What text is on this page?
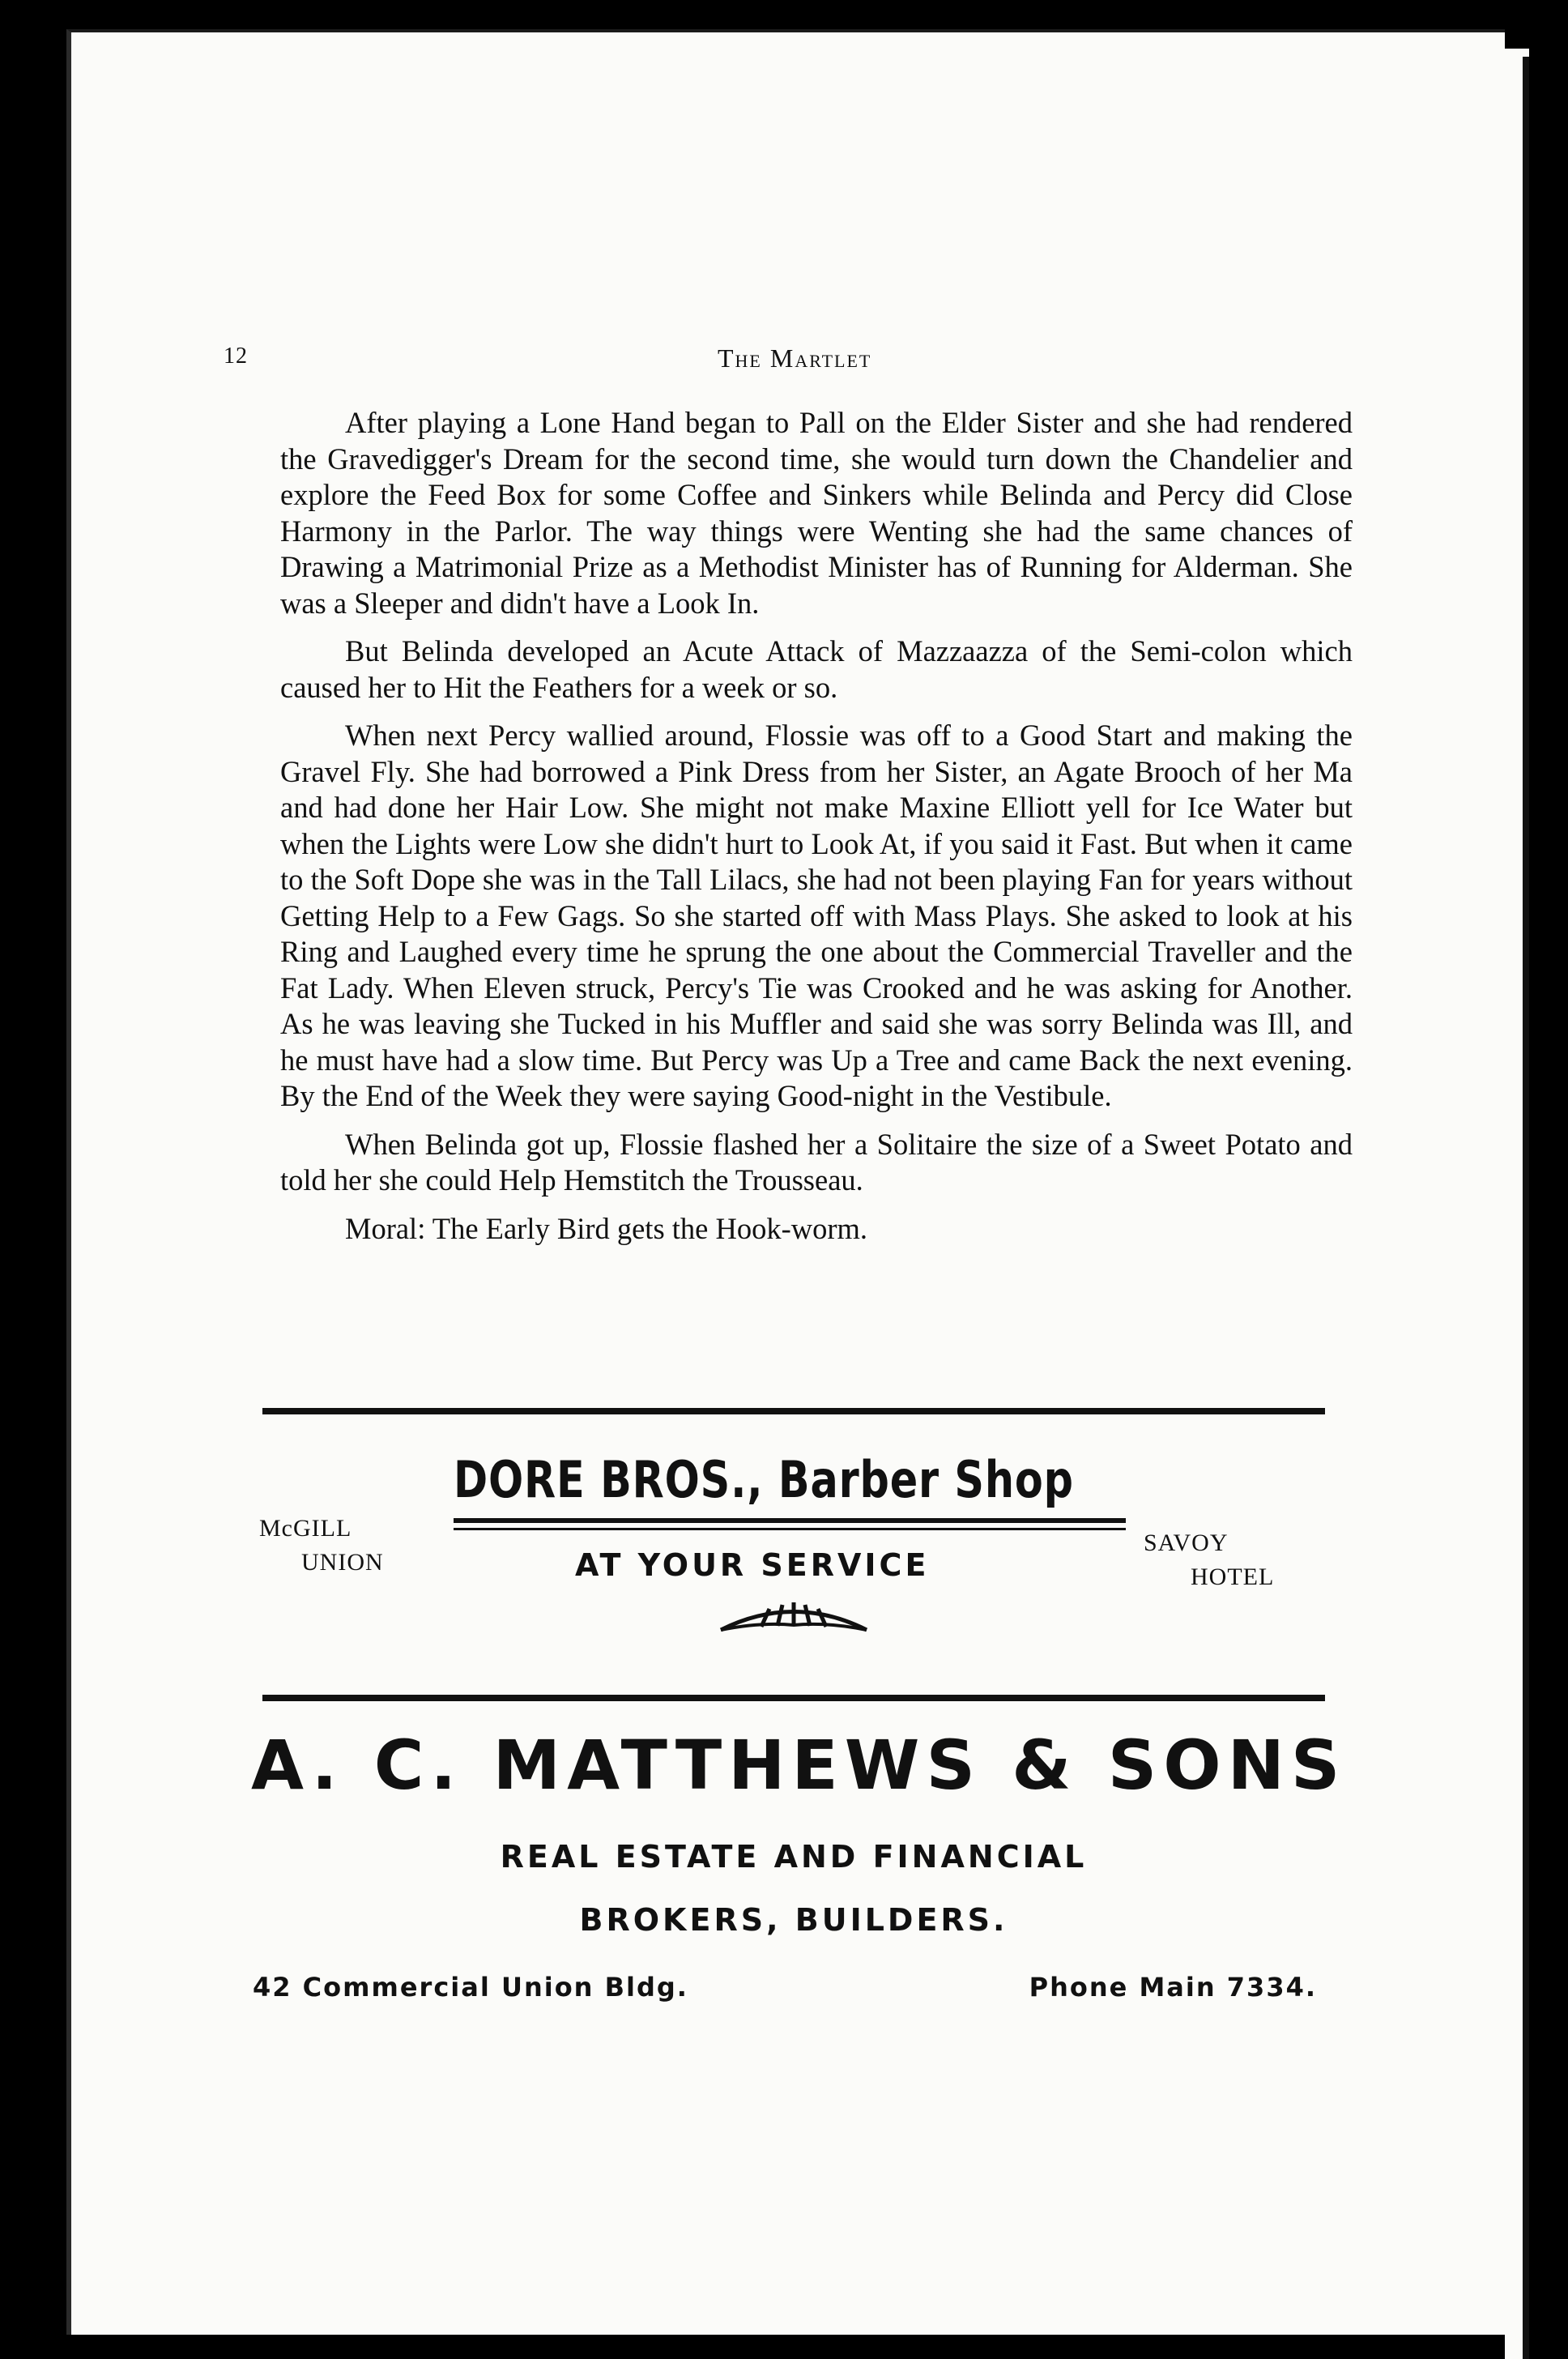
12	The Martlet

After playing a Lone Hand began to Pall on the Elder Sister and she had rendered the Gravedigger's Dream for the second time, she would turn down the Chandelier and explore the Feed Box for some Coffee and Sinkers while Belinda and Percy did Close Harmony in the Parlor. The way things were Wenting she had the same chances of Drawing a Matrimonial Prize as a Methodist Minister has of Running for Alderman. She was a Sleeper and didn't have a Look In.

But Belinda developed an Acute Attack of Mazzaazza of the Semi-colon which caused her to Hit the Feathers for a week or so.

When next Percy wallied around, Flossie was off to a Good Start and making the Gravel Fly. She had borrowed a Pink Dress from her Sister, an Agate Brooch of her Ma and had done her Hair Low. She might not make Maxine Elliott yell for Ice Water but when the Lights were Low she didn't hurt to Look At, if you said it Fast. But when it came to the Soft Dope she was in the Tall Lilacs, she had not been playing Fan for years without Getting Help to a Few Gags. So she started off with Mass Plays. She asked to look at his Ring and Laughed every time he sprung the one about the Commercial Traveller and the Fat Lady. When Eleven struck, Percy's Tie was Crooked and he was asking for Another. As he was leaving she Tucked in his Muffler and said she was sorry Belinda was Ill, and he must have had a slow time. But Percy was Up a Tree and came Back the next evening. By the End of the Week they were saying Good-night in the Vestibule.

When Belinda got up, Flossie flashed her a Solitaire the size of a Sweet Potato and told her she could Help Hemstitch the Trousseau.

Moral: The Early Bird gets the Hook-worm.

McGILL
UNION
DORE BROS., Barber Shop
SAVOY
HOTEL
AT YOUR SERVICE
A. C. MATTHEWS & SONS
REAL ESTATE AND FINANCIAL
BROKERS, BUILDERS.
42 Commercial Union Bldg.	Phone Main 7334.
